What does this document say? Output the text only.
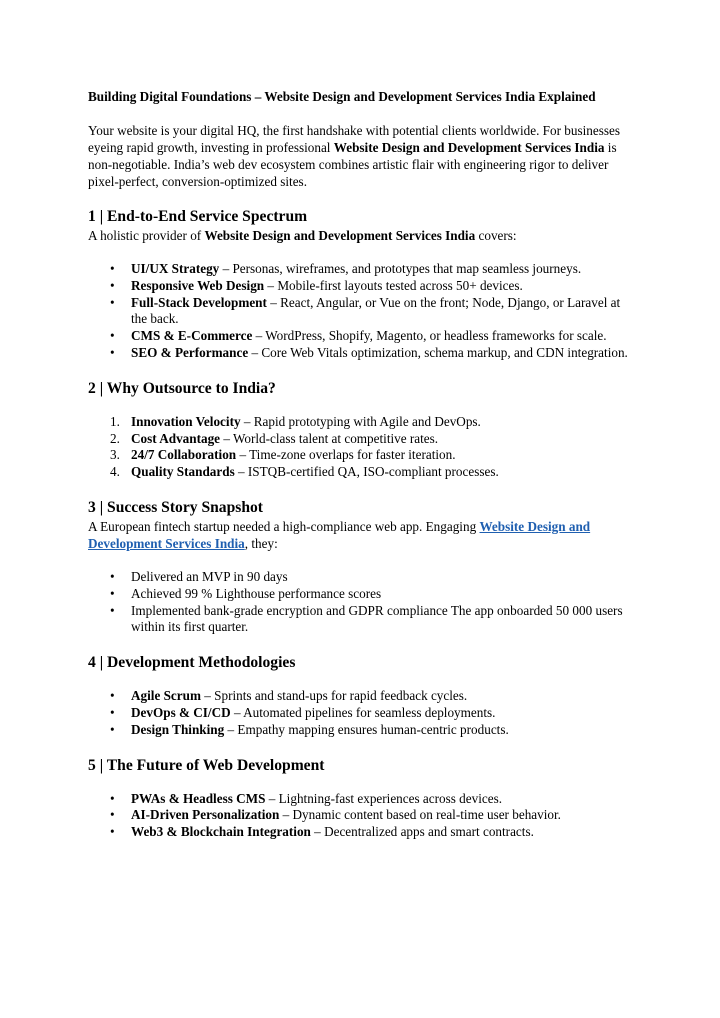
Building Digital Foundations – Website Design and Development Services India Explained

Your website is your digital HQ, the first handshake with potential clients worldwide. For businesses eyeing rapid growth, investing in professional Website Design and Development Services India is non-negotiable. India’s web dev ecosystem combines artistic flair with engineering rigor to deliver pixel-perfect, conversion-optimized sites.

1 | End-to-End Service Spectrum

A holistic provider of Website Design and Development Services India covers:

• UI/UX Strategy – Personas, wireframes, and prototypes that map seamless journeys.
• Responsive Web Design – Mobile-first layouts tested across 50+ devices.
• Full-Stack Development – React, Angular, or Vue on the front; Node, Django, or Laravel at the back.
• CMS & E-Commerce – WordPress, Shopify, Magento, or headless frameworks for scale.
• SEO & Performance – Core Web Vitals optimization, schema markup, and CDN integration.
2 | Why Outsource to India?
1. Innovation Velocity – Rapid prototyping with Agile and DevOps.
2. Cost Advantage – World-class talent at competitive rates.
3. 24/7 Collaboration – Time-zone overlaps for faster iteration.
4. Quality Standards – ISTQB-certified QA, ISO-compliant processes.
3 | Success Story Snapshot

A European fintech startup needed a high-compliance web app. Engaging Website Design and Development Services India, they:

• Delivered an MVP in 90 days
• Achieved 99 % Lighthouse performance scores
• Implemented bank-grade encryption and GDPR compliance The app onboarded 50 000 users within its first quarter.
4 | Development Methodologies
• Agile Scrum – Sprints and stand-ups for rapid feedback cycles.
• DevOps & CI/CD – Automated pipelines for seamless deployments.
• Design Thinking – Empathy mapping ensures human-centric products.
5 | The Future of Web Development
• PWAs & Headless CMS – Lightning-fast experiences across devices.
• AI-Driven Personalization – Dynamic content based on real-time user behavior.
• Web3 & Blockchain Integration – Decentralized apps and smart contracts.
